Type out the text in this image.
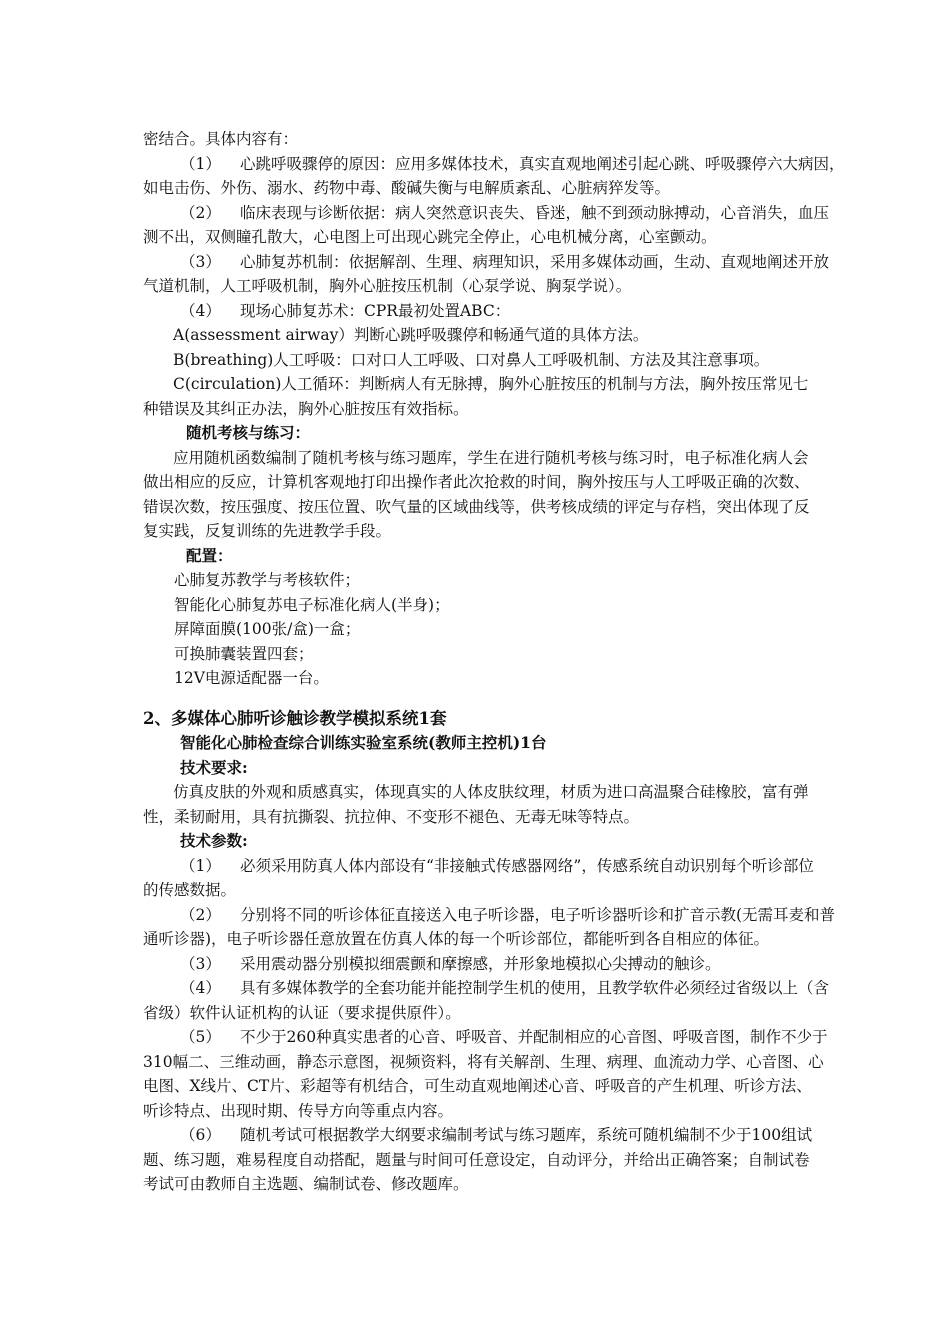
密结合。具体内容有：
（1） 心跳呼吸骤停的原因：应用多媒体技术，真实直观地阐述引起心跳、呼吸骤停六大病因，
如电击伤、外伤、溺水、药物中毒、酸碱失衡与电解质紊乱、心脏病猝发等。
（2） 临床表现与诊断依据：病人突然意识丧失、昏迷，触不到颈动脉搏动，心音消失，血压
测不出，双侧瞳孔散大，心电图上可出现心跳完全停止，心电机械分离，心室颤动。
（3） 心肺复苏机制：依据解剖、生理、病理知识，采用多媒体动画，生动、直观地阐述开放
气道机制，人工呼吸机制，胸外心脏按压机制（心泵学说、胸泵学说）。
（4） 现场心肺复苏术：CPR最初处置ABC：
A(assessment airway）判断心跳呼吸骤停和畅通气道的具体方法。
B(breathing)人工呼吸：口对口人工呼吸、口对鼻人工呼吸机制、方法及其注意事项。
C(circulation)人工循环：判断病人有无脉搏，胸外心脏按压的机制与方法，胸外按压常见七
种错误及其纠正办法，胸外心脏按压有效指标。
随机考核与练习：
应用随机函数编制了随机考核与练习题库，学生在进行随机考核与练习时，电子标准化病人会
做出相应的反应，计算机客观地打印出操作者此次抢救的时间，胸外按压与人工呼吸正确的次数、
错误次数，按压强度、按压位置、吹气量的区域曲线等，供考核成绩的评定与存档，突出体现了反
复实践，反复训练的先进教学手段。
配置：
心肺复苏教学与考核软件；
智能化心肺复苏电子标准化病人(半身)；
屏障面膜(100张/盒)一盒；
可换肺囊装置四套；
12V电源适配器一台。
2、多媒体心肺听诊触诊教学模拟系统1套
智能化心肺检查综合训练实验室系统(教师主控机)1台
技术要求:
仿真皮肤的外观和质感真实，体现真实的人体皮肤纹理，材质为进口高温聚合硅橡胶，富有弹
性，柔韧耐用，具有抗撕裂、抗拉伸、不变形不褪色、无毒无味等特点。
技术参数:
（1） 必须采用防真人体内部设有“非接触式传感器网络”，传感系统自动识别每个听诊部位
的传感数据。
（2） 分别将不同的听诊体征直接送入电子听诊器，电子听诊器听诊和扩音示教(无需耳麦和普
通听诊器)，电子听诊器任意放置在仿真人体的每一个听诊部位，都能听到各自相应的体征。
（3） 采用震动器分别模拟细震颤和摩擦感，并形象地模拟心尖搏动的触诊。
（4） 具有多媒体教学的全套功能并能控制学生机的使用，且教学软件必须经过省级以上（含
省级）软件认证机构的认证（要求提供原件）。
（5） 不少于260种真实患者的心音、呼吸音、并配制相应的心音图、呼吸音图，制作不少于
310幅二、三维动画，静态示意图，视频资料，将有关解剖、生理、病理、血流动力学、心音图、心
电图、X线片、CT片、彩超等有机结合，可生动直观地阐述心音、呼吸音的产生机理、听诊方法、
听诊特点、出现时期、传导方向等重点内容。
（6） 随机考试可根据教学大纲要求编制考试与练习题库，系统可随机编制不少于100组试
题、练习题，难易程度自动搭配，题量与时间可任意设定，自动评分，并给出正确答案；自制试卷
考试可由教师自主选题、编制试卷、修改题库。
